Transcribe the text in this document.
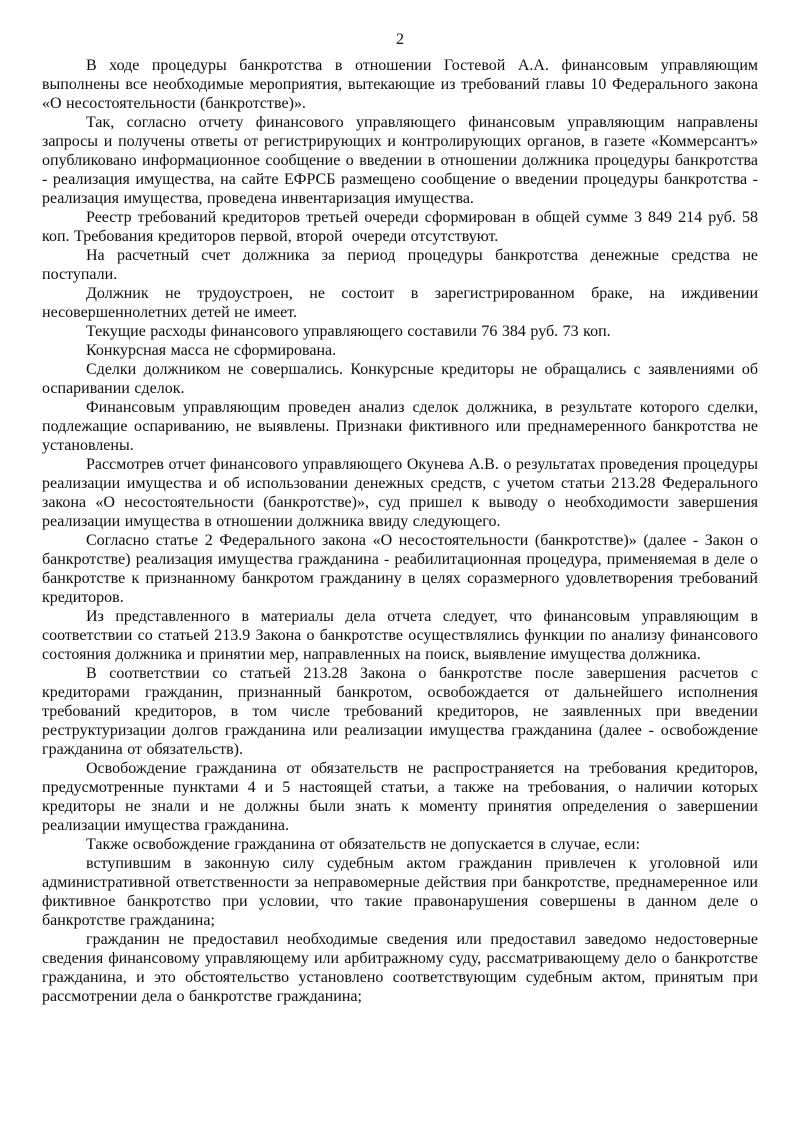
2

В ходе процедуры банкротства в отношении Гостевой А.А. финансовым управляющим выполнены все необходимые мероприятия, вытекающие из требований главы 10 Федерального закона «О несостоятельности (банкротстве)».

Так, согласно отчету финансового управляющего финансовым управляющим направлены запросы и получены ответы от регистрирующих и контролирующих органов, в газете «Коммерсантъ» опубликовано информационное сообщение о введении в отношении должника процедуры банкротства - реализация имущества, на сайте ЕФРСБ размещено сообщение о введении процедуры банкротства - реализация имущества, проведена инвентаризация имущества.

Реестр требований кредиторов третьей очереди сформирован в общей сумме 3 849 214 руб. 58 коп. Требования кредиторов первой, второй  очереди отсутствуют.

На расчетный счет должника за период процедуры банкротства денежные средства не поступали.

Должник не трудоустроен, не состоит в зарегистрированном браке, на иждивении несовершеннолетних детей не имеет.

Текущие расходы финансового управляющего составили 76 384 руб. 73 коп.

Конкурсная масса не сформирована.

Сделки должником не совершались. Конкурсные кредиторы не обращались с заявлениями об оспаривании сделок.

Финансовым управляющим проведен анализ сделок должника, в результате которого сделки, подлежащие оспариванию, не выявлены. Признаки фиктивного или преднамеренного банкротства не установлены.

Рассмотрев отчет финансового управляющего Окунева А.В. о результатах проведения процедуры реализации имущества и об использовании денежных средств, с учетом статьи 213.28 Федерального закона «О несостоятельности (банкротстве)», суд пришел к выводу о необходимости завершения реализации имущества в отношении должника ввиду следующего.

Согласно статье 2 Федерального закона «О несостоятельности (банкротстве)» (далее - Закон о банкротстве) реализация имущества гражданина - реабилитационная процедура, применяемая в деле о банкротстве к признанному банкротом гражданину в целях соразмерного удовлетворения требований кредиторов.

Из представленного в материалы дела отчета следует, что финансовым управляющим в соответствии со статьей 213.9 Закона о банкротстве осуществлялись функции по анализу финансового состояния должника и принятии мер, направленных на поиск, выявление имущества должника.

В соответствии со статьей 213.28 Закона о банкротстве после завершения расчетов с кредиторами гражданин, признанный банкротом, освобождается от дальнейшего исполнения требований кредиторов, в том числе требований кредиторов, не заявленных при введении реструктуризации долгов гражданина или реализации имущества гражданина (далее - освобождение гражданина от обязательств).

Освобождение гражданина от обязательств не распространяется на требования кредиторов, предусмотренные пунктами 4 и 5 настоящей статьи, а также на требования, о наличии которых кредиторы не знали и не должны были знать к моменту принятия определения о завершении реализации имущества гражданина.

Также освобождение гражданина от обязательств не допускается в случае, если:

вступившим в законную силу судебным актом гражданин привлечен к уголовной или административной ответственности за неправомерные действия при банкротстве, преднамеренное или фиктивное банкротство при условии, что такие правонарушения совершены в данном деле о банкротстве гражданина;

гражданин не предоставил необходимые сведения или предоставил заведомо недостоверные сведения финансовому управляющему или арбитражному суду, рассматривающему дело о банкротстве гражданина, и это обстоятельство установлено соответствующим судебным актом, принятым при рассмотрении дела о банкротстве гражданина;
